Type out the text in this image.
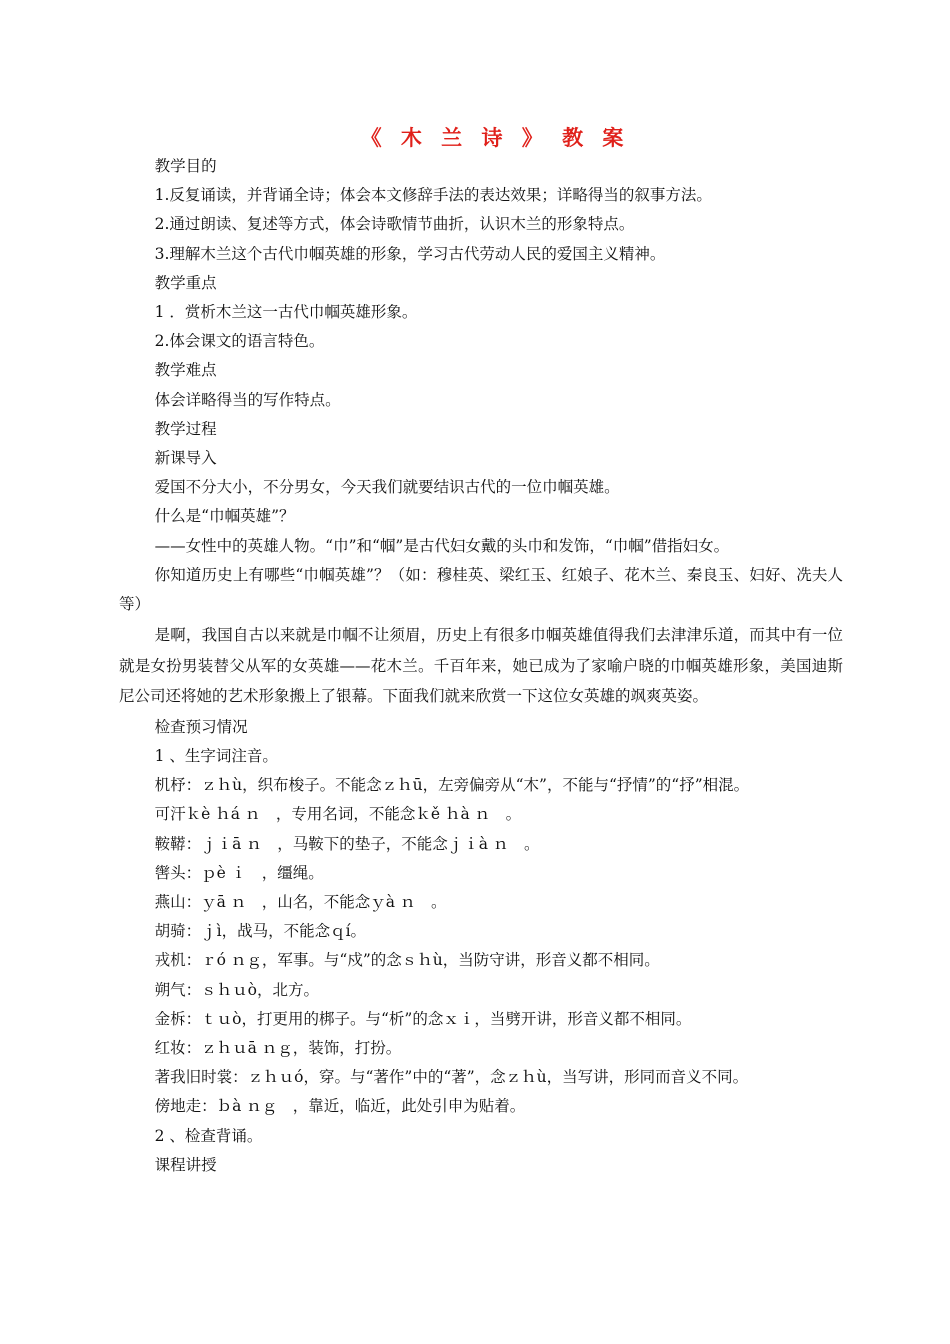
《 木 兰 诗 》 教 案

教学目的

1.反复诵读，并背诵全诗；体会本文修辞手法的表达效果；详略得当的叙事方法。

2.通过朗读、复述等方式，体会诗歌情节曲折，认识木兰的形象特点。

3.理解木兰这个古代巾帼英雄的形象，学习古代劳动人民的爱国主义精神。

教学重点

1 ．赏析木兰这一古代巾帼英雄形象。

2.体会课文的语言特色。

教学难点

体会详略得当的写作特点。

教学过程

新课导入

爱国不分大小，不分男女，今天我们就要结识古代的一位巾帼英雄。

什么是“巾帼英雄”？

——女性中的英雄人物。“巾”和“帼”是古代妇女戴的头巾和发饰，“巾帼”借指妇女。

你知道历史上有哪些“巾帼英雄”？（如：穆桂英、梁红玉、红娘子、花木兰、秦良玉、妇好、冼夫人等）

是啊，我国自古以来就是巾帼不让须眉，历史上有很多巾帼英雄值得我们去津津乐道，而其中有一位就是女扮男装替父从军的女英雄——花木兰。千百年来，她已成为了家喻户晓的巾帼英雄形象，美国迪斯尼公司还将她的艺术形象搬上了银幕。下面我们就来欣赏一下这位女英雄的飒爽英姿。

检查预习情况

1 、生字词注音。

机杼：ｚｈù，织布梭子。不能念ｚｈū，左旁偏旁从“木”，不能与“抒情”的“抒”相混。

可汗ｋè ｈá ｎ　，专用名词，不能念ｋě ｈà ｎ　。

鞍鞯：ｊｉā ｎ　，马鞍下的垫子，不能念ｊｉà ｎ　。

辔头：ｐè ｉ　，缰绳。

燕山：ｙā ｎ　，山名，不能念ｙà ｎ　。

胡骑：ｊì，战马，不能念ｑí。

戎机：ｒó ｎｇ，军事。与“戍”的念ｓｈù，当防守讲，形音义都不相同。

朔气：ｓｈｕò，北方。

金柝：ｔｕò，打更用的梆子。与“析”的念ｘｉ，当劈开讲，形音义都不相同。

红妆：ｚｈｕā ｎｇ，装饰，打扮。

著我旧时裳：ｚｈｕó，穿。与“著作”中的“著”，念ｚｈù，当写讲，形同而音义不同。

傍地走：ｂà ｎｇ　，靠近，临近，此处引申为贴着。

2 、检查背诵。

课程讲授
